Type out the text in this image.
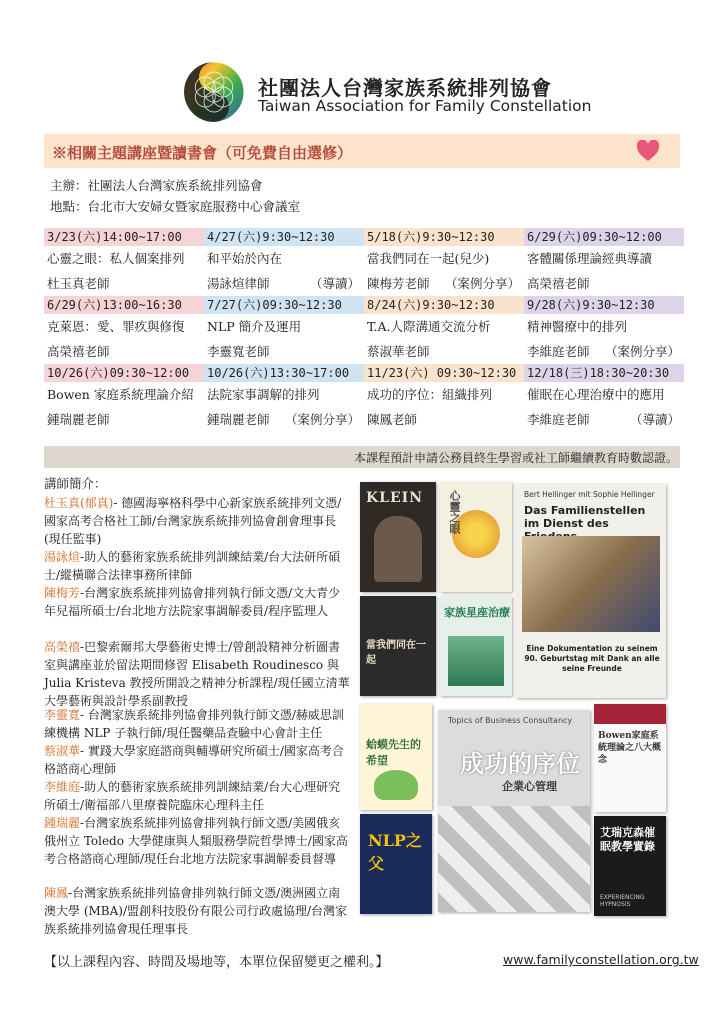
社團法人台灣家族系統排列協會
Taiwan Association for Family Constellation
※相關主題講座暨讀書會（可免費自由選修）
主辦：社團法人台灣家族系統排列協會
地點：台北市大安婦女暨家庭服務中心會議室
3/23(六)14:00~17:00
心靈之眼：私人個案排列
杜玉真老師
4/27(六)9:30~12:30
和平始於內在
湯詠煊律師	（導讀）
5/18(六)9:30~12:30
當我們同在一起(兒少)
陳梅芳老師 （案例分享）
6/29(六)09:30~12:00
客體關係理論經典導讀
高榮禧老師
6/29(六)13:00~16:30
克萊恩：愛、罪疚與修復
高榮禧老師
7/27(六)09:30~12:30
NLP 簡介及運用
李靈寬老師
8/24(六)9:30~12:30
T.A.人際溝通交流分析
蔡淑華老師
9/28(六)9:30~12:30
精神醫療中的排列
李維庭老師 （案例分享）
10/26(六)09:30~12:00
Bowen 家庭系統理論介紹
鍾瑞麗老師
10/26(六)13:30~17:00
法院家事調解的排列
鍾瑞麗老師 （案例分享）
11/23(六) 09:30~12:30
成功的序位：組織排列
陳鳳老師
12/18(三)18:30~20:30
催眠在心理治療中的應用
李維庭老師	（導讀）
本課程預計申請公務員終生學習或社工師繼續教育時數認證。
講師簡介：
杜玉真(郁真)- 德國海寧格科學中心新家族系統排列文憑/國家高考合格社工師/台灣家族系統排列協會創會理事長(現任監事)
湯詠煊-助人的藝術家族系統排列訓練結業/台大法研所碩士/縱橫聯合法律事務所律師
陳梅芳-台灣家族系統排列協會排列執行師文憑/文大青少年兒福所碩士/台北地方法院家事調解委員/程序監理人
高榮禧-巴黎索爾邦大學藝術史博士/曾創設精神分析圖書室與講座並於留法期間修習 Elisabeth Roudinesco 與 Julia Kristeva 教授所開設之精神分析課程/現任國立清華大學藝術與設計學系副教授
李靈寬- 台灣家族系統排列協會排列執行師文憑/赫威思訓練機構 NLP 子執行師/現任醫藥品查驗中心會計主任
蔡淑華- 實踐大學家庭諮商與輔導研究所碩士/國家高考合格諮商心理師
李維庭-助人的藝術家族系統排列訓練結業/台大心理研究所碩士/衛福部八里療養院臨床心理科主任
鍾瑞麗-台灣家族系統排列協會排列執行師文憑/美國俄亥俄州立 Toledo 大學健康與人類服務學院哲學博士/國家高考合格諮商心理師/現任台北地方法院家事調解委員督導
陳鳳-台灣家族系統排列協會排列執行師文憑/澳洲國立南澳大學 (MBA)/盟創科技股份有限公司行政處協理/台灣家族系統排列協會現任理事長
KLEIN 心靈之眼
當我們同在一起
家族星座治療
Bert Hellinger mit Sophie Hellinger
Das Familienstellen im Dienst des
Eine Dokumentation zu seinem 90. Geburtstag mit Dank an alle seine Freunde
蛤蟆先生的希望
Topics of Business Consultancy
成功的序位
企業心管理
Bowen家庭系統理論之八大概念
NLP之父
艾瑞克森催眠教學實錄
EXPERIENCING HYPNOSIS
【以上課程內容、時間及場地等，本單位保留變更之權利。】	www.familyconstellation.org.tw
